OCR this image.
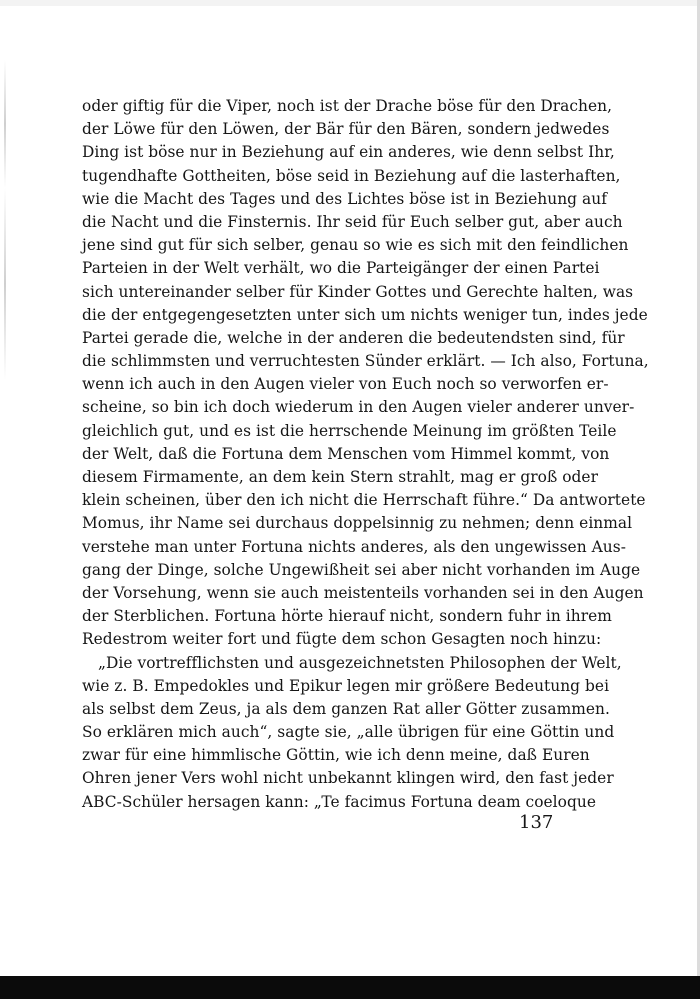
oder giftig für die Viper, noch ist der Drache böse für den Drachen,
der Löwe für den Löwen, der Bär für den Bären, sondern jedwedes
Ding ist böse nur in Beziehung auf ein anderes, wie denn selbst Ihr,
tugendhafte Gottheiten, böse seid in Beziehung auf die lasterhaften,
wie die Macht des Tages und des Lichtes böse ist in Beziehung auf
die Nacht und die Finsternis. Ihr seid für Euch selber gut, aber auch
jene sind gut für sich selber, genau so wie es sich mit den feindlichen
Parteien in der Welt verhält, wo die Parteigänger der einen Partei
sich untereinander selber für Kinder Gottes und Gerechte halten, was
die der entgegengesetzten unter sich um nichts weniger tun, indes jede
Partei gerade die, welche in der anderen die bedeutendsten sind, für
die schlimmsten und verruchtesten Sünder erklärt. — Ich also, Fortuna,
wenn ich auch in den Augen vieler von Euch noch so verworfen er-
scheine, so bin ich doch wiederum in den Augen vieler anderer unver-
gleichlich gut, und es ist die herrschende Meinung im größten Teile
der Welt, daß die Fortuna dem Menschen vom Himmel kommt, von
diesem Firmamente, an dem kein Stern strahlt, mag er groß oder
klein scheinen, über den ich nicht die Herrschaft führe.“ Da antwortete
Momus, ihr Name sei durchaus doppelsinnig zu nehmen; denn einmal
verstehe man unter Fortuna nichts anderes, als den ungewissen Aus-
gang der Dinge, solche Ungewißheit sei aber nicht vorhanden im Auge
der Vorsehung, wenn sie auch meistenteils vorhanden sei in den Augen
der Sterblichen. Fortuna hörte hierauf nicht, sondern fuhr in ihrem
Redestrom weiter fort und fügte dem schon Gesagten noch hinzu:
„Die vortrefflichsten und ausgezeichnetsten Philosophen der Welt,
wie z. B. Empedokles und Epikur legen mir größere Bedeutung bei
als selbst dem Zeus, ja als dem ganzen Rat aller Götter zusammen.
So erklären mich auch“, sagte sie, „alle übrigen für eine Göttin und
zwar für eine himmlische Göttin, wie ich denn meine, daß Euren
Ohren jener Vers wohl nicht unbekannt klingen wird, den fast jeder
ABC-Schüler hersagen kann: „Te facimus Fortuna deam coeloque
137
